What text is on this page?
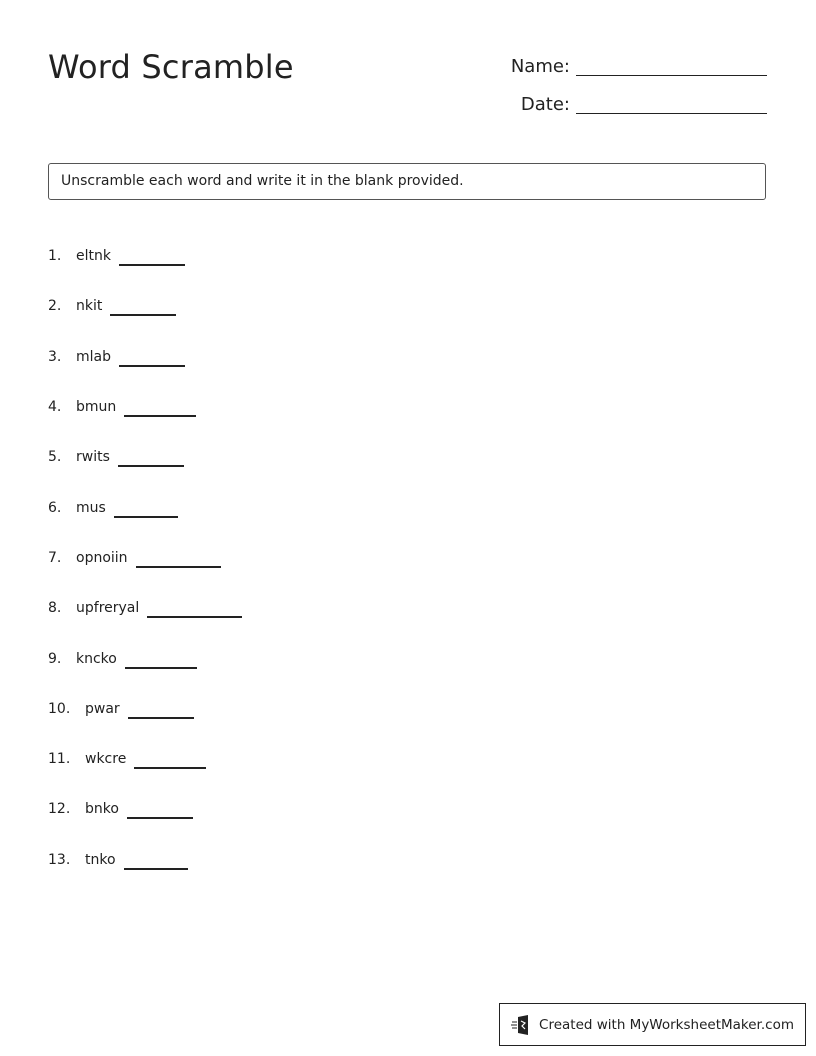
Word Scramble	Name:
Date:
Unscramble each word and write it in the blank provided.
1.	eltnk
2.	nkit
3.	mlab
4.	bmun
5.	rwits
6.	mus
7.	opnoiin
8.	upfreryal
9.	kncko
10.	pwar
11.	wkcre
12.	bnko
13.	tnko
Created with MyWorksheetMaker.com
